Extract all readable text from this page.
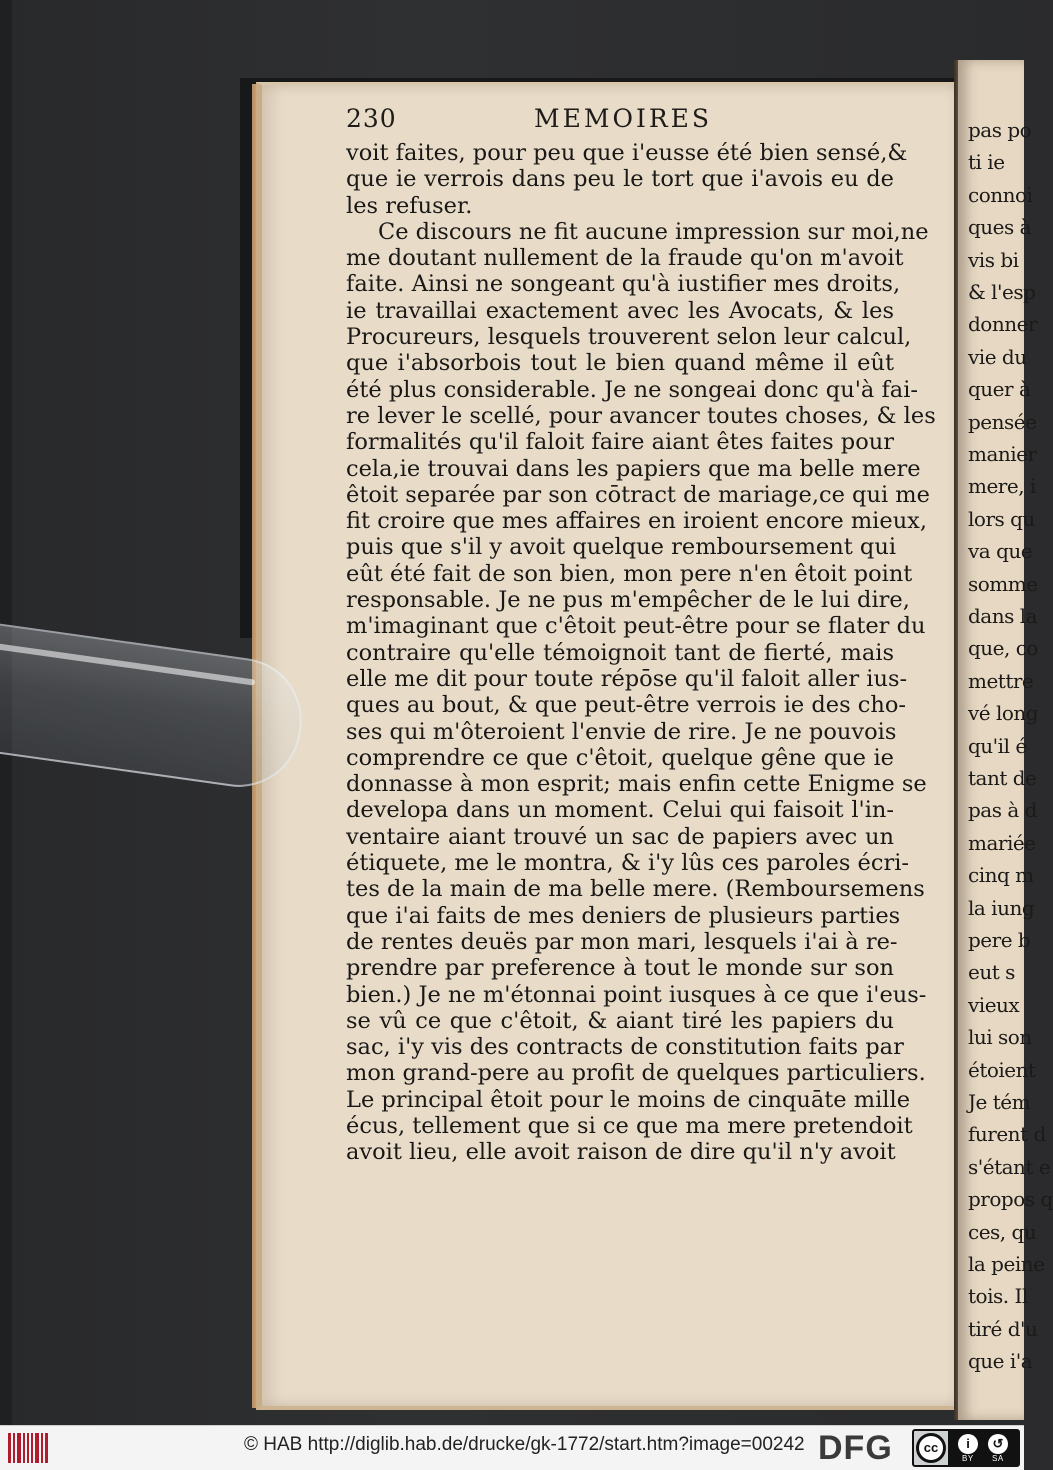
230	MEMOIRES
voit faites, pour peu que i'eusse été bien sensé,&
que ie verrois dans peu le tort que i'avois eu de
les refuser.
Ce discours ne fit aucune impression sur moi,ne
me doutant nullement de la fraude qu'on m'avoit
faite. Ainsi ne songeant qu'à iustifier mes droits,
ie travaillai exactement avec les Avocats, & les
Procureurs, lesquels trouverent selon leur calcul,
que i'absorbois tout le bien quand même il eût
été plus considerable. Je ne songeai donc qu'à fai-
re lever le scellé, pour avancer toutes choses, & les
formalités qu'il faloit faire aiant êtes faites pour
cela,ie trouvai dans les papiers que ma belle mere
êtoit separée par son cōtract de mariage,ce qui me
fit croire que mes affaires en iroient encore mieux,
puis que s'il y avoit quelque remboursement qui
eût été fait de son bien, mon pere n'en êtoit point
responsable. Je ne pus m'empêcher de le lui dire,
m'imaginant que c'êtoit peut-être pour se flater du
contraire qu'elle témoignoit tant de fierté, mais
elle me dit pour toute répōse qu'il faloit aller ius-
ques au bout, & que peut-être verrois ie des cho-
ses qui m'ôteroient l'envie de rire. Je ne pouvois
comprendre ce que c'êtoit, quelque gêne que ie
donnasse à mon esprit; mais enfin cette Enigme se
developa dans un moment. Celui qui faisoit l'in-
ventaire aiant trouvé un sac de papiers avec un
étiquete, me le montra, & i'y lûs ces paroles écri-
tes de la main de ma belle mere. (Remboursemens
que i'ai faits de mes deniers de plusieurs parties
de rentes deuës par mon mari, lesquels i'ai à re-
prendre par preference à tout le monde sur son
bien.) Je ne m'étonnai point iusques à ce que i'eus-
se vû ce que c'êtoit, & aiant tiré les papiers du
sac, i'y vis des contracts de constitution faits par
mon grand-pere au profit de quelques particuliers.
Le principal êtoit pour le moins de cinquāte mille
écus, tellement que si ce que ma mere pretendoit
avoit lieu, elle avoit raison de dire qu'il n'y avoit
pas po
ti ie
connoi
ques à
vis bi
& l'esp
donner
vie du
quer à
pensée
manier
mere, i
lors qu
va que
somme
dans la
que, co
mettre
vé long
qu'il é
tant de
pas à d
mariée
cinq m
la iung
pere b
eut s
vieux
lui son
étoient
Je tém
furent d
s'étant e
propos q
ces, qu
la peine
tois. Il
tiré d'u
que i'a
© HAB http://diglib.hab.de/drucke/gk-1772/start.htm?image=00242 DFG	cc	i	↺
BY SA
